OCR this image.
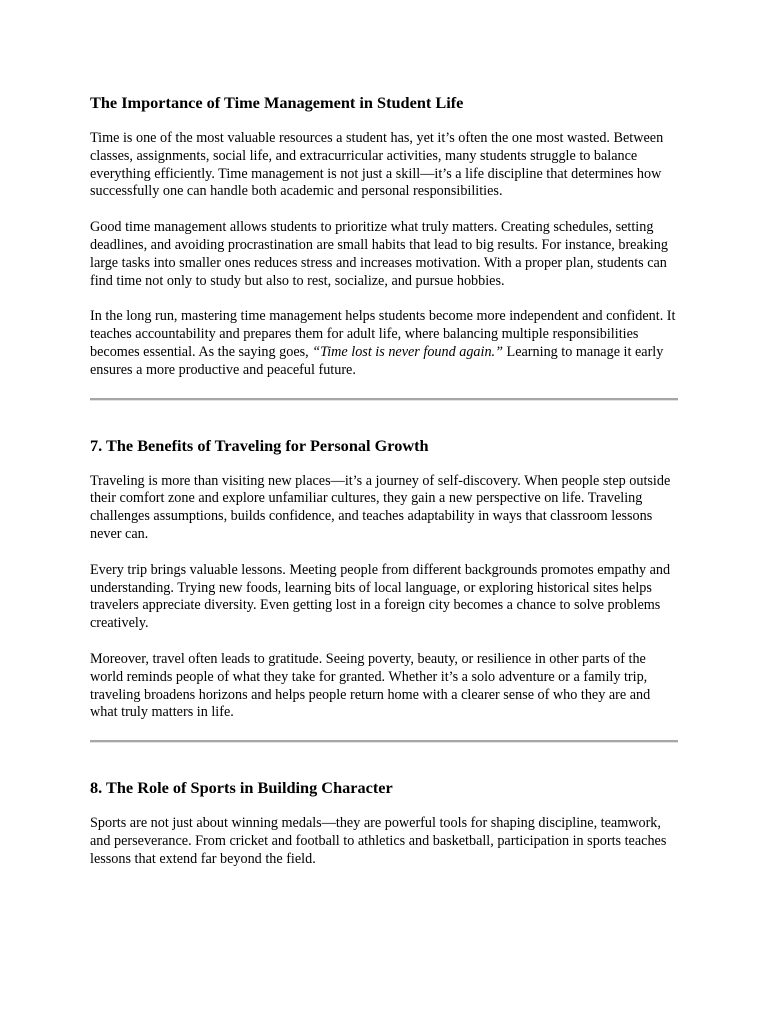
The Importance of Time Management in Student Life

Time is one of the most valuable resources a student has, yet it’s often the one most wasted. Between classes, assignments, social life, and extracurricular activities, many students struggle to balance everything efficiently. Time management is not just a skill—it’s a life discipline that determines how successfully one can handle both academic and personal responsibilities.

Good time management allows students to prioritize what truly matters. Creating schedules, setting deadlines, and avoiding procrastination are small habits that lead to big results. For instance, breaking large tasks into smaller ones reduces stress and increases motivation. With a proper plan, students can find time not only to study but also to rest, socialize, and pursue hobbies.

In the long run, mastering time management helps students become more independent and confident. It teaches accountability and prepares them for adult life, where balancing multiple responsibilities becomes essential. As the saying goes, “Time lost is never found again.” Learning to manage it early ensures a more productive and peaceful future.

7. The Benefits of Traveling for Personal Growth

Traveling is more than visiting new places—it’s a journey of self-discovery. When people step outside their comfort zone and explore unfamiliar cultures, they gain a new perspective on life. Traveling challenges assumptions, builds confidence, and teaches adaptability in ways that classroom lessons never can.

Every trip brings valuable lessons. Meeting people from different backgrounds promotes empathy and understanding. Trying new foods, learning bits of local language, or exploring historical sites helps travelers appreciate diversity. Even getting lost in a foreign city becomes a chance to solve problems creatively.

Moreover, travel often leads to gratitude. Seeing poverty, beauty, or resilience in other parts of the world reminds people of what they take for granted. Whether it’s a solo adventure or a family trip, traveling broadens horizons and helps people return home with a clearer sense of who they are and what truly matters in life.

8. The Role of Sports in Building Character

Sports are not just about winning medals—they are powerful tools for shaping discipline, teamwork, and perseverance. From cricket and football to athletics and basketball, participation in sports teaches lessons that extend far beyond the field.
